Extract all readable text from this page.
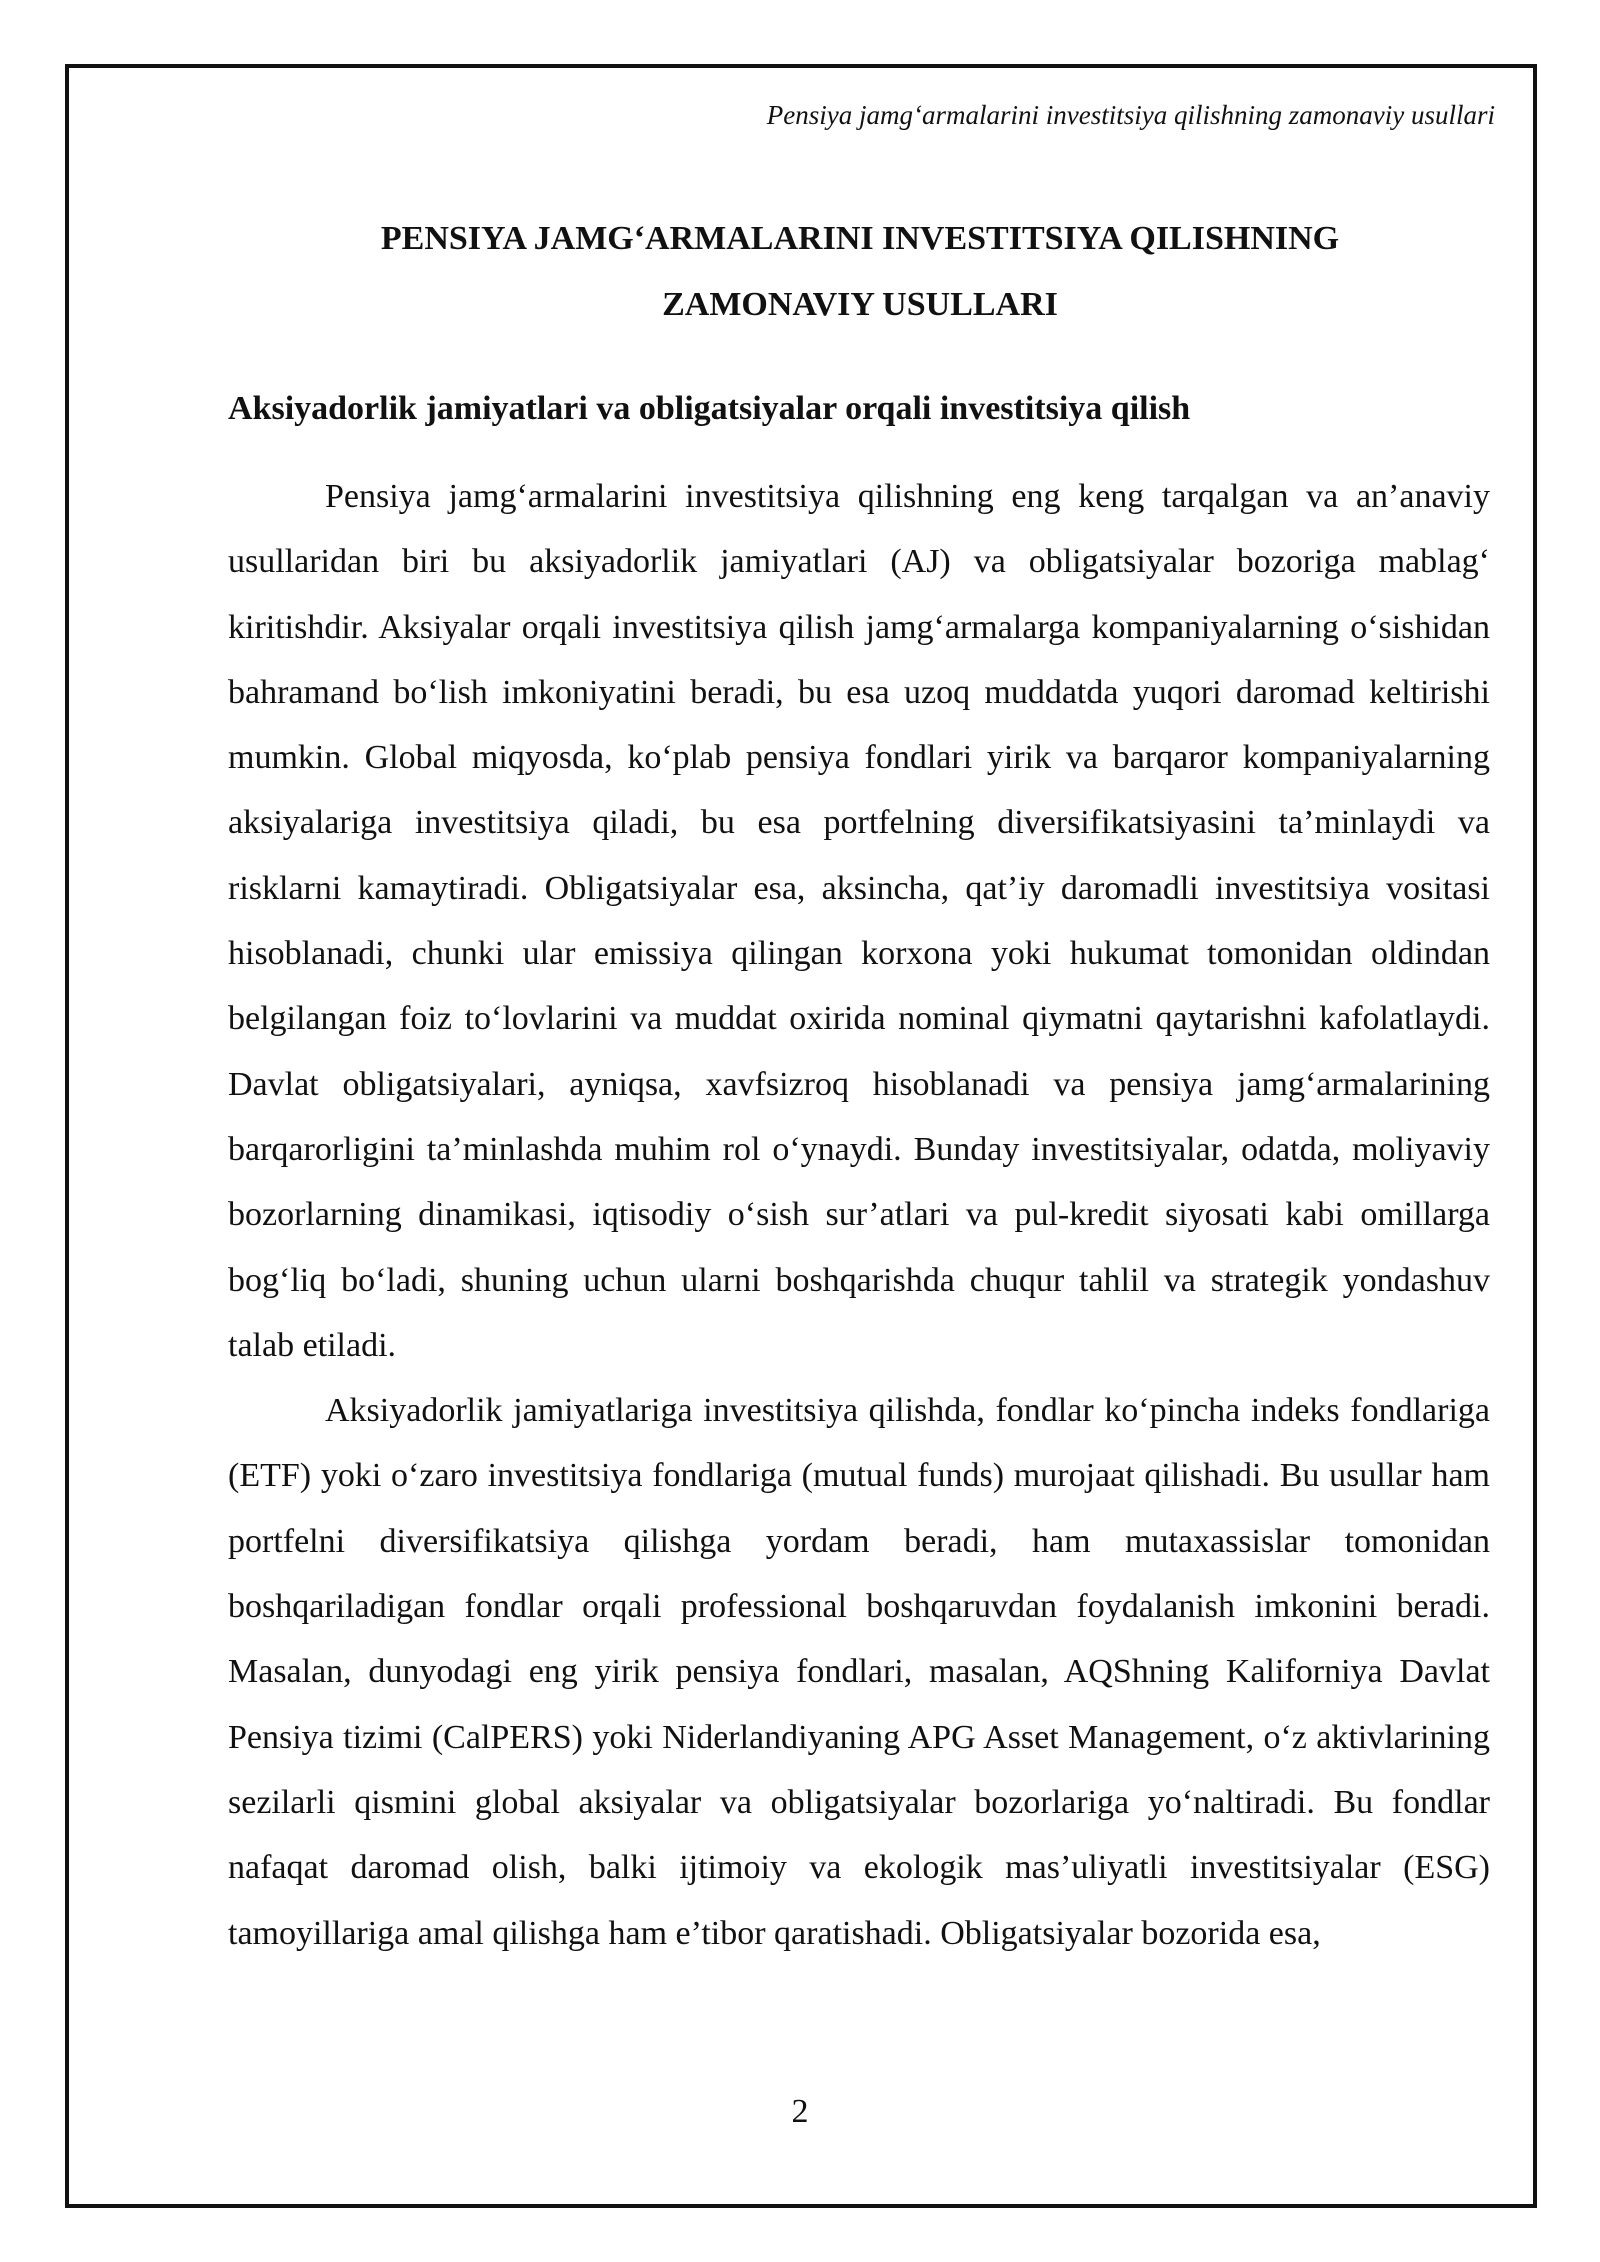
Pensiya jamg‘armalarini investitsiya qilishning zamonaviy usullari
PENSIYA JAMG‘ARMALARINI INVESTITSIYA QILISHNING
ZAMONAVIY USULLARI
Aksiyadorlik jamiyatlari va obligatsiyalar orqali investitsiya qilish

Pensiya jamg‘armalarini investitsiya qilishning eng keng tarqalgan va an’anaviy usullaridan biri bu aksiyadorlik jamiyatlari (AJ) va obligatsiyalar bozoriga mablag‘ kiritishdir. Aksiyalar orqali investitsiya qilish jamg‘armalarga kompaniyalarning o‘sishidan bahramand bo‘lish imkoniyatini beradi, bu esa uzoq muddatda yuqori daromad keltirishi mumkin. Global miqyosda, ko‘plab pensiya fondlari yirik va barqaror kompaniyalarning aksiyalariga investitsiya qiladi, bu esa portfelning diversifikatsiyasini ta’minlaydi va risklarni kamaytiradi. Obligatsiyalar esa, aksincha, qat’iy daromadli investitsiya vositasi hisoblanadi, chunki ular emissiya qilingan korxona yoki hukumat tomonidan oldindan belgilangan foiz to‘lovlarini va muddat oxirida nominal qiymatni qaytarishni kafolatlaydi. Davlat obligatsiyalari, ayniqsa, xavfsizroq hisoblanadi va pensiya jamg‘armalarining barqarorligini ta’minlashda muhim rol o‘ynaydi. Bunday investitsiyalar, odatda, moliyaviy bozorlarning dinamikasi, iqtisodiy o‘sish sur’atlari va pul-kredit siyosati kabi omillarga bog‘liq bo‘ladi, shuning uchun ularni boshqarishda chuqur tahlil va strategik yondashuv talab etiladi.

Aksiyadorlik jamiyatlariga investitsiya qilishda, fondlar ko‘pincha indeks fondlariga (ETF) yoki o‘zaro investitsiya fondlariga (mutual funds) murojaat qilishadi. Bu usullar ham portfelni diversifikatsiya qilishga yordam beradi, ham mutaxassislar tomonidan boshqariladigan fondlar orqali professional boshqaruvdan foydalanish imkonini beradi. Masalan, dunyodagi eng yirik pensiya fondlari, masalan, AQShning Kaliforniya Davlat Pensiya tizimi (CalPERS) yoki Niderlandiyaning APG Asset Management, o‘z aktivlarining sezilarli qismini global aksiyalar va obligatsiyalar bozorlariga yo‘naltiradi. Bu fondlar nafaqat daromad olish, balki ijtimoiy va ekologik mas’uliyatli investitsiyalar (ESG) tamoyillariga amal qilishga ham e’tibor qaratishadi. Obligatsiyalar bozorida esa,

2
